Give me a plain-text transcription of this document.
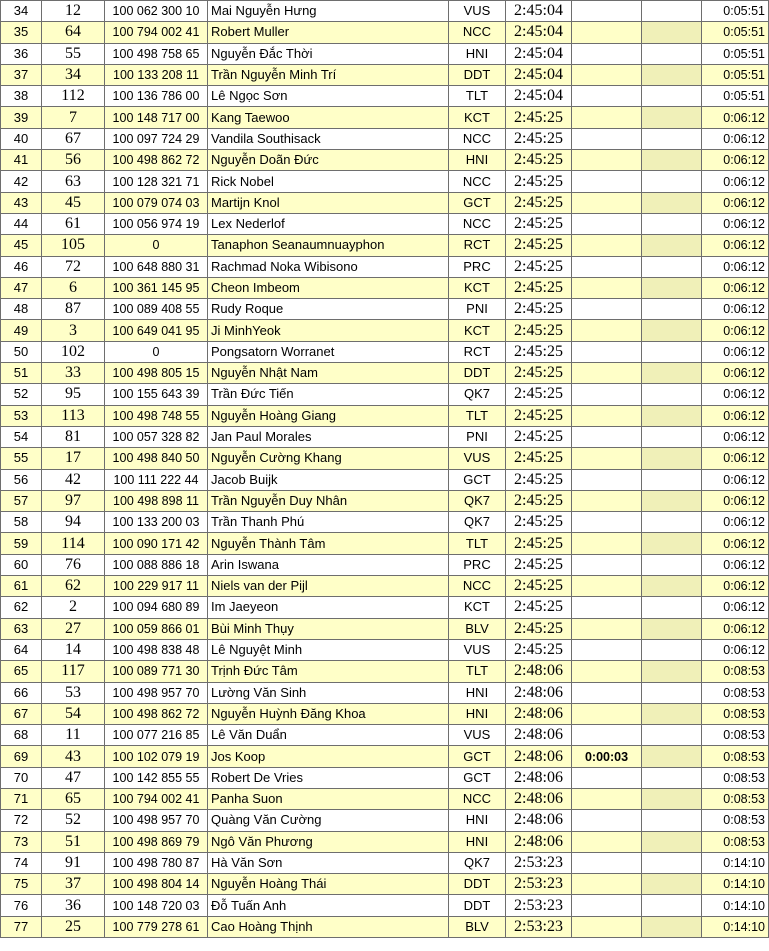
34	12	100 062 300 10	Mai Nguyễn Hưng	VUS	2:45:04			0:05:51
35	64	100 794 002 41	Robert Muller	NCC	2:45:04			0:05:51
36	55	100 498 758 65	Nguyễn Đắc Thời	HNI	2:45:04			0:05:51
37	34	100 133 208 11	Trần Nguyễn Minh Trí	DDT	2:45:04			0:05:51
38	112	100 136 786 00	Lê Ngọc Sơn	TLT	2:45:04			0:05:51
39	7	100 148 717 00	Kang Taewoo	KCT	2:45:25			0:06:12
40	67	100 097 724 29	Vandila Southisack	NCC	2:45:25			0:06:12
41	56	100 498 862 72	Nguyễn Doãn Đức	HNI	2:45:25			0:06:12
42	63	100 128 321 71	Rick Nobel	NCC	2:45:25			0:06:12
43	45	100 079 074 03	Martijn Knol	GCT	2:45:25			0:06:12
44	61	100 056 974 19	Lex Nederlof	NCC	2:45:25			0:06:12
45	105	0	Tanaphon Seanaumnuayphon	RCT	2:45:25			0:06:12
46	72	100 648 880 31	Rachmad Noka Wibisono	PRC	2:45:25			0:06:12
47	6	100 361 145 95	Cheon Imbeom	KCT	2:45:25			0:06:12
48	87	100 089 408 55	Rudy Roque	PNI	2:45:25			0:06:12
49	3	100 649 041 95	Ji MinhYeok	KCT	2:45:25			0:06:12
50	102	0	Pongsatorn Worranet	RCT	2:45:25			0:06:12
51	33	100 498 805 15	Nguyễn Nhật Nam	DDT	2:45:25			0:06:12
52	95	100 155 643 39	Trần Đức Tiến	QK7	2:45:25			0:06:12
53	113	100 498 748 55	Nguyễn Hoàng Giang	TLT	2:45:25			0:06:12
54	81	100 057 328 82	Jan Paul Morales	PNI	2:45:25			0:06:12
55	17	100 498 840 50	Nguyễn Cường Khang	VUS	2:45:25			0:06:12
56	42	100 111 222 44	Jacob Buijk	GCT	2:45:25			0:06:12
57	97	100 498 898 11	Trần Nguyễn Duy Nhân	QK7	2:45:25			0:06:12
58	94	100 133 200 03	Trần Thanh Phú	QK7	2:45:25			0:06:12
59	114	100 090 171 42	Nguyễn Thành Tâm	TLT	2:45:25			0:06:12
60	76	100 088 886 18	Arin Iswana	PRC	2:45:25			0:06:12
61	62	100 229 917 11	Niels van der Pijl	NCC	2:45:25			0:06:12
62	2	100 094 680 89	Im Jaeyeon	KCT	2:45:25			0:06:12
63	27	100 059 866 01	Bùi Minh Thụy	BLV	2:45:25			0:06:12
64	14	100 498 838 48	Lê Nguyệt Minh	VUS	2:45:25			0:06:12
65	117	100 089 771 30	Trịnh Đức Tâm	TLT	2:48:06			0:08:53
66	53	100 498 957 70	Lường Văn Sinh	HNI	2:48:06			0:08:53
67	54	100 498 862 72	Nguyễn Huỳnh Đăng Khoa	HNI	2:48:06			0:08:53
68	11	100 077 216 85	Lê Văn Duẩn	VUS	2:48:06			0:08:53
69	43	100 102 079 19	Jos Koop	GCT	2:48:06	0:00:03		0:08:53
70	47	100 142 855 55	Robert De Vries	GCT	2:48:06			0:08:53
71	65	100 794 002 41	Panha Suon	NCC	2:48:06			0:08:53
72	52	100 498 957 70	Quàng Văn Cường	HNI	2:48:06			0:08:53
73	51	100 498 869 79	Ngô Văn Phương	HNI	2:48:06			0:08:53
74	91	100 498 780 87	Hà Văn Sơn	QK7	2:53:23			0:14:10
75	37	100 498 804 14	Nguyễn Hoàng Thái	DDT	2:53:23			0:14:10
76	36	100 148 720 03	Đỗ Tuấn Anh	DDT	2:53:23			0:14:10
77	25	100 779 278 61	Cao Hoàng Thịnh	BLV	2:53:23			0:14:10
